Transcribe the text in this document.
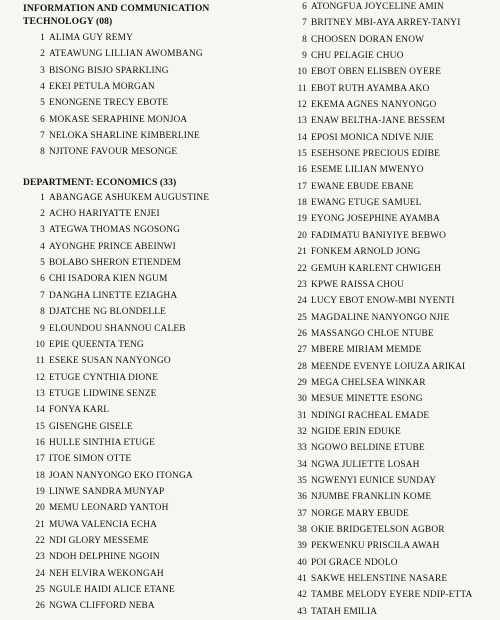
INFORMATION AND COMMUNICATION
TECHNOLOGY (08)
1 ALIMA GUY REMY
2 ATEAWUNG LILLIAN AWOMBANG
3 BISONG BISJO SPARKLING
4 EKEI PETULA MORGAN
5 ENONGENE TRECY EBOTE
6 MOKASE SERAPHINE MONJOA
7 NELOKA SHARLINE KIMBERLINE
8 NJITONE FAVOUR MESONGE
DEPARTMENT: ECONOMICS (33)
1 ABANGAGE ASHUKEM AUGUSTINE
2 ACHO HARIYATTE ENJEI
3 ATEGWA THOMAS NGOSONG
4 AYONGHE PRINCE ABEINWI
5 BOLABO SHERON ETIENDEM
6 CHI ISADORA KIEN NGUM
7 DANGHA LINETTE EZIAGHA
8 DJATCHE NG BLONDELLE
9 ELOUNDOU SHANNOU CALEB
10 EPIE QUEENTA TENG
11 ESEKE SUSAN NANYONGO
12 ETUGE CYNTHIA DIONE
13 ETUGE LIDWINE SENZE
14 FONYA KARL
15 GISENGHE GISELE
16 HULLE SINTHIA ETUGE
17 ITOE SIMON OTTE
18 JOAN NANYONGO EKO ITONGA
19 LINWE SANDRA MUNYAP
20 MEMU LEONARD YANTOH
21 MUWA VALENCIA ECHA
22 NDI GLORY MESSEME
23 NDOH DELPHINE NGOIN
24 NEH ELVIRA WEKONGAH
25 NGULE HAIDI ALICE ETANE
26 NGWA CLIFFORD NEBA
6 ATONGFUA JOYCELINE AMIN
7 BRITNEY MBI-AYA ARREY-TANYI
8 CHOOSEN DORAN ENOW
9 CHU PELAGIE CHUO
10 EBOT OBEN ELISBEN OYERE
11 EBOT RUTH AYAMBA AKO
12 EKEMA AGNES NANYONGO
13 ENAW BELTHA-JANE BESSEM
14 EPOSI MONICA NDIVE NJIE
15 ESEHSONE PRECIOUS EDIBE
16 ESEME LILIAN MWENYO
17 EWANE EBUDE EBANE
18 EWANG ETUGE SAMUEL
19 EYONG JOSEPHINE AYAMBA
20 FADIMATU BANIYIYE BEBWO
21 FONKEM ARNOLD JONG
22 GEMUH KARLENT CHWIGEH
23 KPWE RAISSA CHOU
24 LUCY EBOT ENOW-MBI NYENTI
25 MAGDALINE NANYONGO NJIE
26 MASSANGO CHLOE NTUBE
27 MBERE MIRIAM MEMDE
28 MEENDE EVENYE LOIUZA ARIKAI
29 MEGA CHELSEA WINKAR
30 MESUE MINETTE ESONG
31 NDINGI RACHEAL EMADE
32 NGIDE ERIN EDUKE
33 NGOWO BELDINE ETUBE
34 NGWA JULIETTE LOSAH
35 NGWENYI EUNICE SUNDAY
36 NJUMBE FRANKLIN KOME
37 NORGE MARY EBUDE
38 OKIE BRIDGETELSON AGBOR
39 PEKWENKU PRISCILA AWAH
40 POI GRACE NDOLO
41 SAKWE HELENSTINE NASARE
42 TAMBE MELODY EYERE NDIP-ETTA
43 TATAH EMILIA
